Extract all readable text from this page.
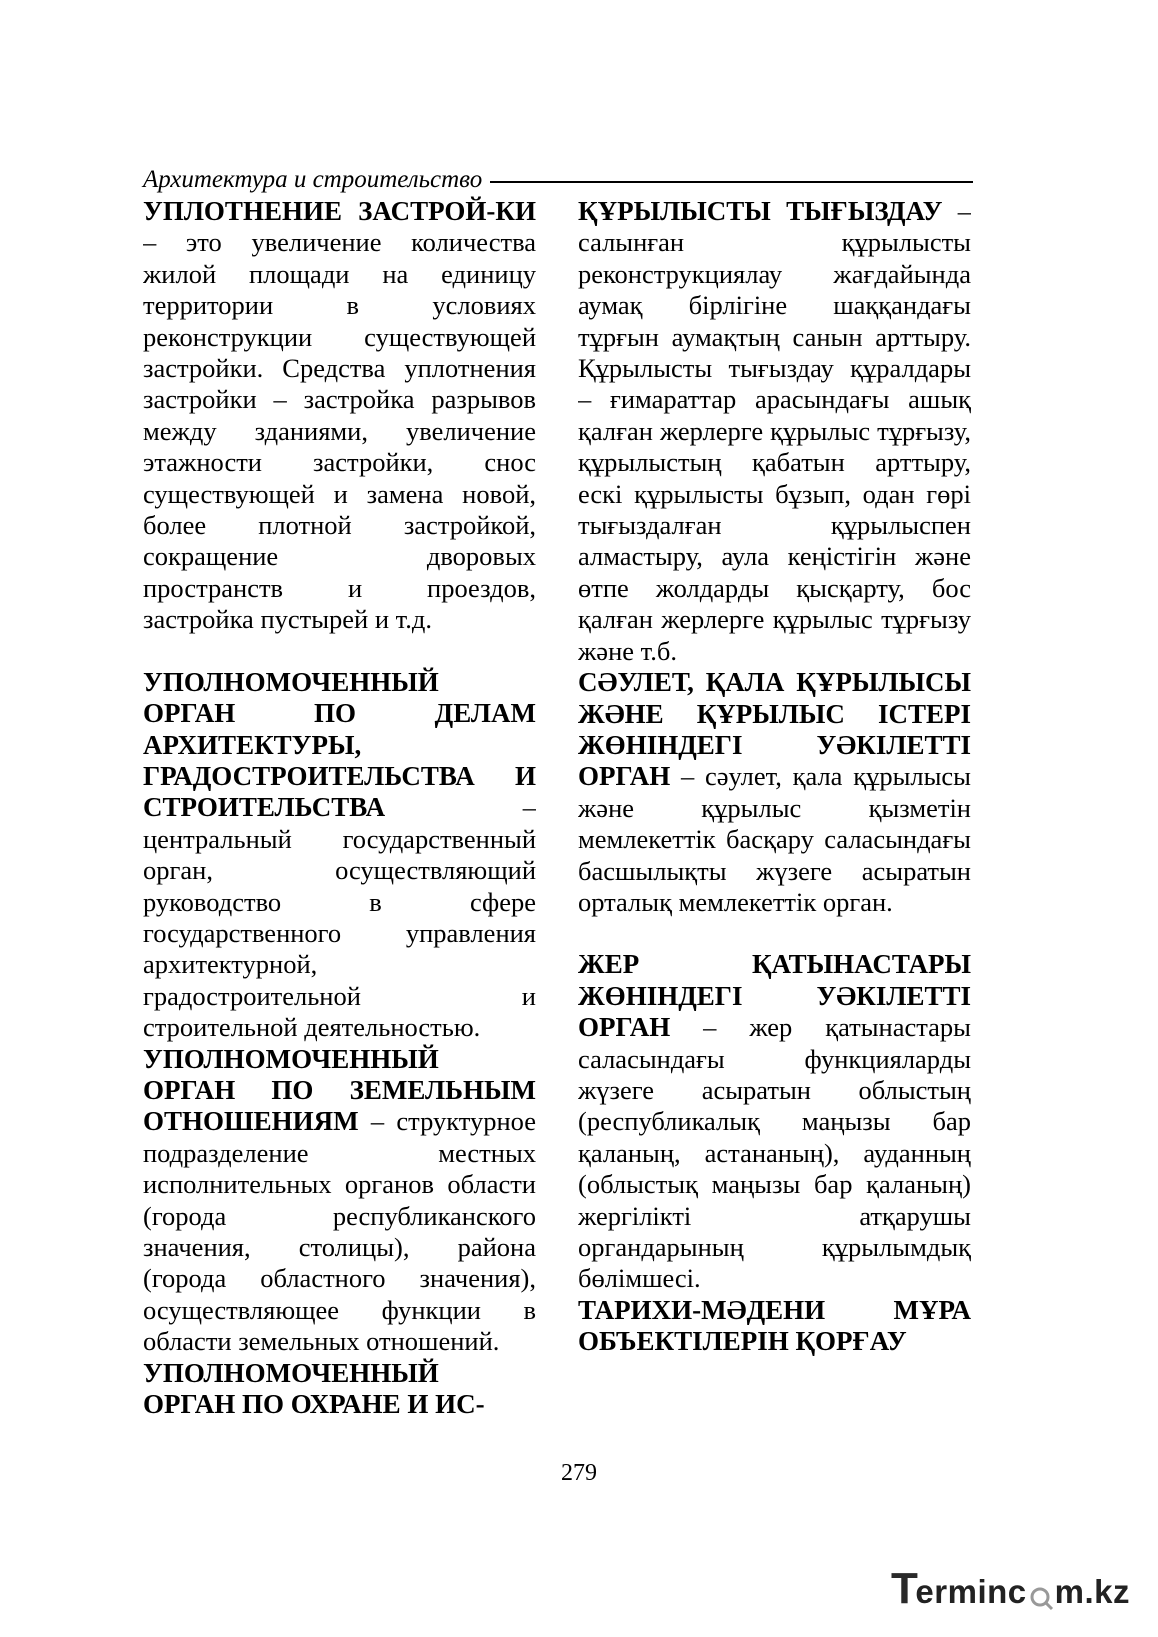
Архитектура и строительство

УПЛОТНЕНИЕ ЗАСТРОЙ-КИ – это увеличение количества жилой площади на единицу территории в условиях реконструкции существующей застройки. Средства уплотнения застройки – застройка разрывов между зданиями, увеличение этажности застройки, снос существующей и замена новой, более плотной застройкой, сокращение дворовых пространств и проездов, застройка пустырей и т.д.

УПОЛНОМОЧЕННЫЙ ОРГАН ПО ДЕЛАМ АРХИТЕКТУРЫ, ГРАДОСТРОИТЕЛЬСТВА И СТРОИТЕЛЬСТВА – центральный государственный орган, осуществляющий руководство в сфере государственного управления архитектурной, градостроительной и строительной деятельностью.

УПОЛНОМОЧЕННЫЙ ОРГАН ПО ЗЕМЕЛЬНЫМ ОТНОШЕНИЯМ – структурное подразделение местных исполнительных органов области (города республиканского значения, столицы), района (города областного значения), осуществляющее функции в области земельных отношений.

УПОЛНОМОЧЕННЫЙ ОРГАН ПО ОХРАНЕ И ИС-

ҚҰРЫЛЫСТЫ ТЫҒЫЗДАУ – салынған құрылысты реконструкциялау жағдайында аумақ бірлігіне шаққандағы тұрғын аумақтың санын арттыру. Құрылысты тығыздау құралдары – ғимараттар арасындағы ашық қалған жерлерге құрылыс тұрғызу, құрылыстың қабатын арттыру, ескі құрылысты бұзып, одан гөрі тығыздалған құрылыспен алмастыру, аула кеңістігін және өтпе жолдарды қысқарту, бос қалған жерлерге құрылыс тұрғызу және т.б.

СӘУЛЕТ, ҚАЛА ҚҰРЫЛЫСЫ ЖӘНЕ ҚҰРЫЛЫС ІСТЕРІ ЖӨНІНДЕГІ УӘКІЛЕТТІ ОРГАН – сәулет, қала құрылысы және құрылыс қызметін мемлекеттік басқару саласындағы басшылықты жүзеге асыратын орталық мемлекеттік орган.

ЖЕР ҚАТЫНАСТАРЫ ЖӨНІНДЕГІ УӘКІЛЕТТІ ОРГАН – жер қатынастары саласындағы функцияларды жүзеге асыратын облыстың (республикалық маңызы бар қаланың, астананың), ауданның (облыстық маңызы бар қаланың) жергілікті атқарушы органдарының құрылымдық бөлімшесі.

ТАРИХИ-МӘДЕНИ МҰРА ОБЪЕКТІЛЕРІН ҚОРҒАУ

279
T
erminc m.kz
